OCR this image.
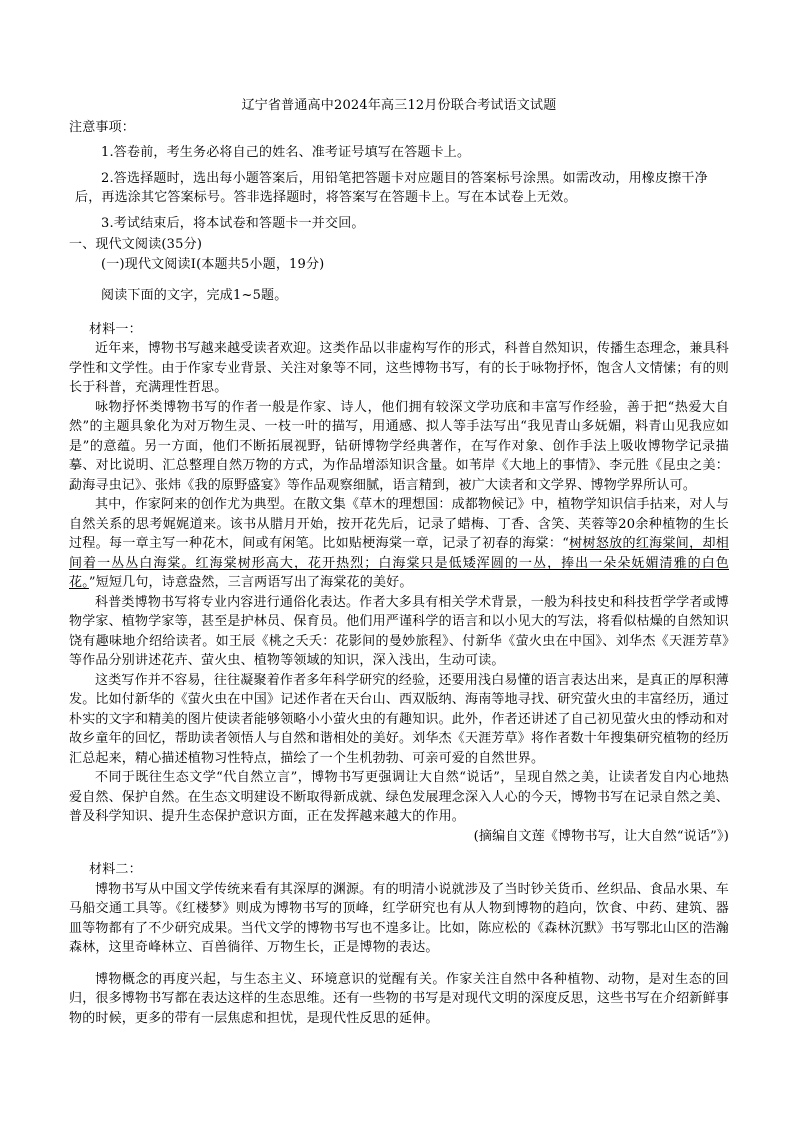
辽宁省普通高中2024年高三12月份联合考试语文试题

注意事项：

1.答卷前，考生务必将自己的姓名、准考证号填写在答题卡上。

2.答选择题时，选出每小题答案后，用铅笔把答题卡对应题目的答案标号涂黑。如需改动，用橡皮擦干净后，再选涂其它答案标号。答非选择题时，将答案写在答题卡上。写在本试卷上无效。

3.考试结束后，将本试卷和答题卡一并交回。

一、现代文阅读(35分)

(一)现代文阅读Ⅰ(本题共5小题，19分)

阅读下面的文字，完成1~5题。

材料一：

近年来，博物书写越来越受读者欢迎。这类作品以非虚构写作的形式，科普自然知识，传播生态理念，兼具科学性和文学性。由于作家专业背景、关注对象等不同，这些博物书写，有的长于咏物抒怀，饱含人文情愫；有的则长于科普，充满理性哲思。

咏物抒怀类博物书写的作者一般是作家、诗人，他们拥有较深文学功底和丰富写作经验，善于把“热爱大自然”的主题具象化为对万物生灵、一枝一叶的描写，用通感、拟人等手法写出“我见青山多妩媚，料青山见我应如是”的意蕴。另一方面，他们不断拓展视野，钻研博物学经典著作，在写作对象、创作手法上吸收博物学记录描摹、对比说明、汇总整理自然万物的方式，为作品增添知识含量。如苇岸《大地上的事情》、李元胜《昆虫之美：勐海寻虫记》、张炜《我的原野盛宴》等作品观察细腻，语言精到，被广大读者和文学界、博物学界所认可。

其中，作家阿来的创作尤为典型。在散文集《草木的理想国：成都物候记》中，植物学知识信手拈来，对人与自然关系的思考娓娓道来。该书从腊月开始，按开花先后，记录了蜡梅、丁香、含笑、芙蓉等20余种植物的生长过程。每一章主写一种花木，间或有闲笔。比如贴梗海棠一章，记录了初春的海棠：“树树怒放的红海棠间，却相间着一丛丛白海棠。红海棠树形高大，花开热烈；白海棠只是低矮浑圆的一丛，捧出一朵朵妩媚清雅的白色花。”短短几句，诗意盎然，三言两语写出了海棠花的美好。

科普类博物书写将专业内容进行通俗化表达。作者大多具有相关学术背景，一般为科技史和科技哲学学者或博物学家、植物学家等，甚至是护林员、保育员。他们用严谨科学的语言和以小见大的写法，将看似枯燥的自然知识饶有趣味地介绍给读者。如王辰《桃之夭夭：花影间的曼妙旅程》、付新华《萤火虫在中国》、刘华杰《天涯芳草》等作品分别讲述花卉、萤火虫、植物等领域的知识，深入浅出，生动可读。

这类写作并不容易，往往凝聚着作者多年科学研究的经验，还要用浅白易懂的语言表达出来，是真正的厚积薄发。比如付新华的《萤火虫在中国》记述作者在天台山、西双版纳、海南等地寻找、研究萤火虫的丰富经历，通过朴实的文字和精美的图片使读者能够领略小小萤火虫的有趣知识。此外，作者还讲述了自己初见萤火虫的悸动和对故乡童年的回忆，帮助读者领悟人与自然和谐相处的美好。刘华杰《天涯芳草》将作者数十年搜集研究植物的经历汇总起来，精心描述植物习性特点，描绘了一个生机勃勃、可亲可爱的自然世界。

不同于既往生态文学“代自然立言”，博物书写更强调让大自然“说话”，呈现自然之美，让读者发自内心地热爱自然、保护自然。在生态文明建设不断取得新成就、绿色发展理念深入人心的今天，博物书写在记录自然之美、普及科学知识、提升生态保护意识方面，正在发挥越来越大的作用。

(摘编自文莲《博物书写，让大自然“说话”》)

材料二：

博物书写从中国文学传统来看有其深厚的渊源。有的明清小说就涉及了当时钞关货币、丝织品、食品水果、车马船交通工具等。《红楼梦》则成为博物书写的顶峰，红学研究也有从人物到博物的趋向，饮食、中药、建筑、器皿等物都有了不少研究成果。当代文学的博物书写也不遑多让。比如，陈应松的《森林沉默》书写鄂北山区的浩瀚森林，这里奇峰林立、百兽徜徉、万物生长，正是博物的表达。

博物概念的再度兴起，与生态主义、环境意识的觉醒有关。作家关注自然中各种植物、动物，是对生态的回归，很多博物书写都在表达这样的生态思维。还有一些物的书写是对现代文明的深度反思，这些书写在介绍新鲜事物的时候，更多的带有一层焦虑和担忧，是现代性反思的延伸。
